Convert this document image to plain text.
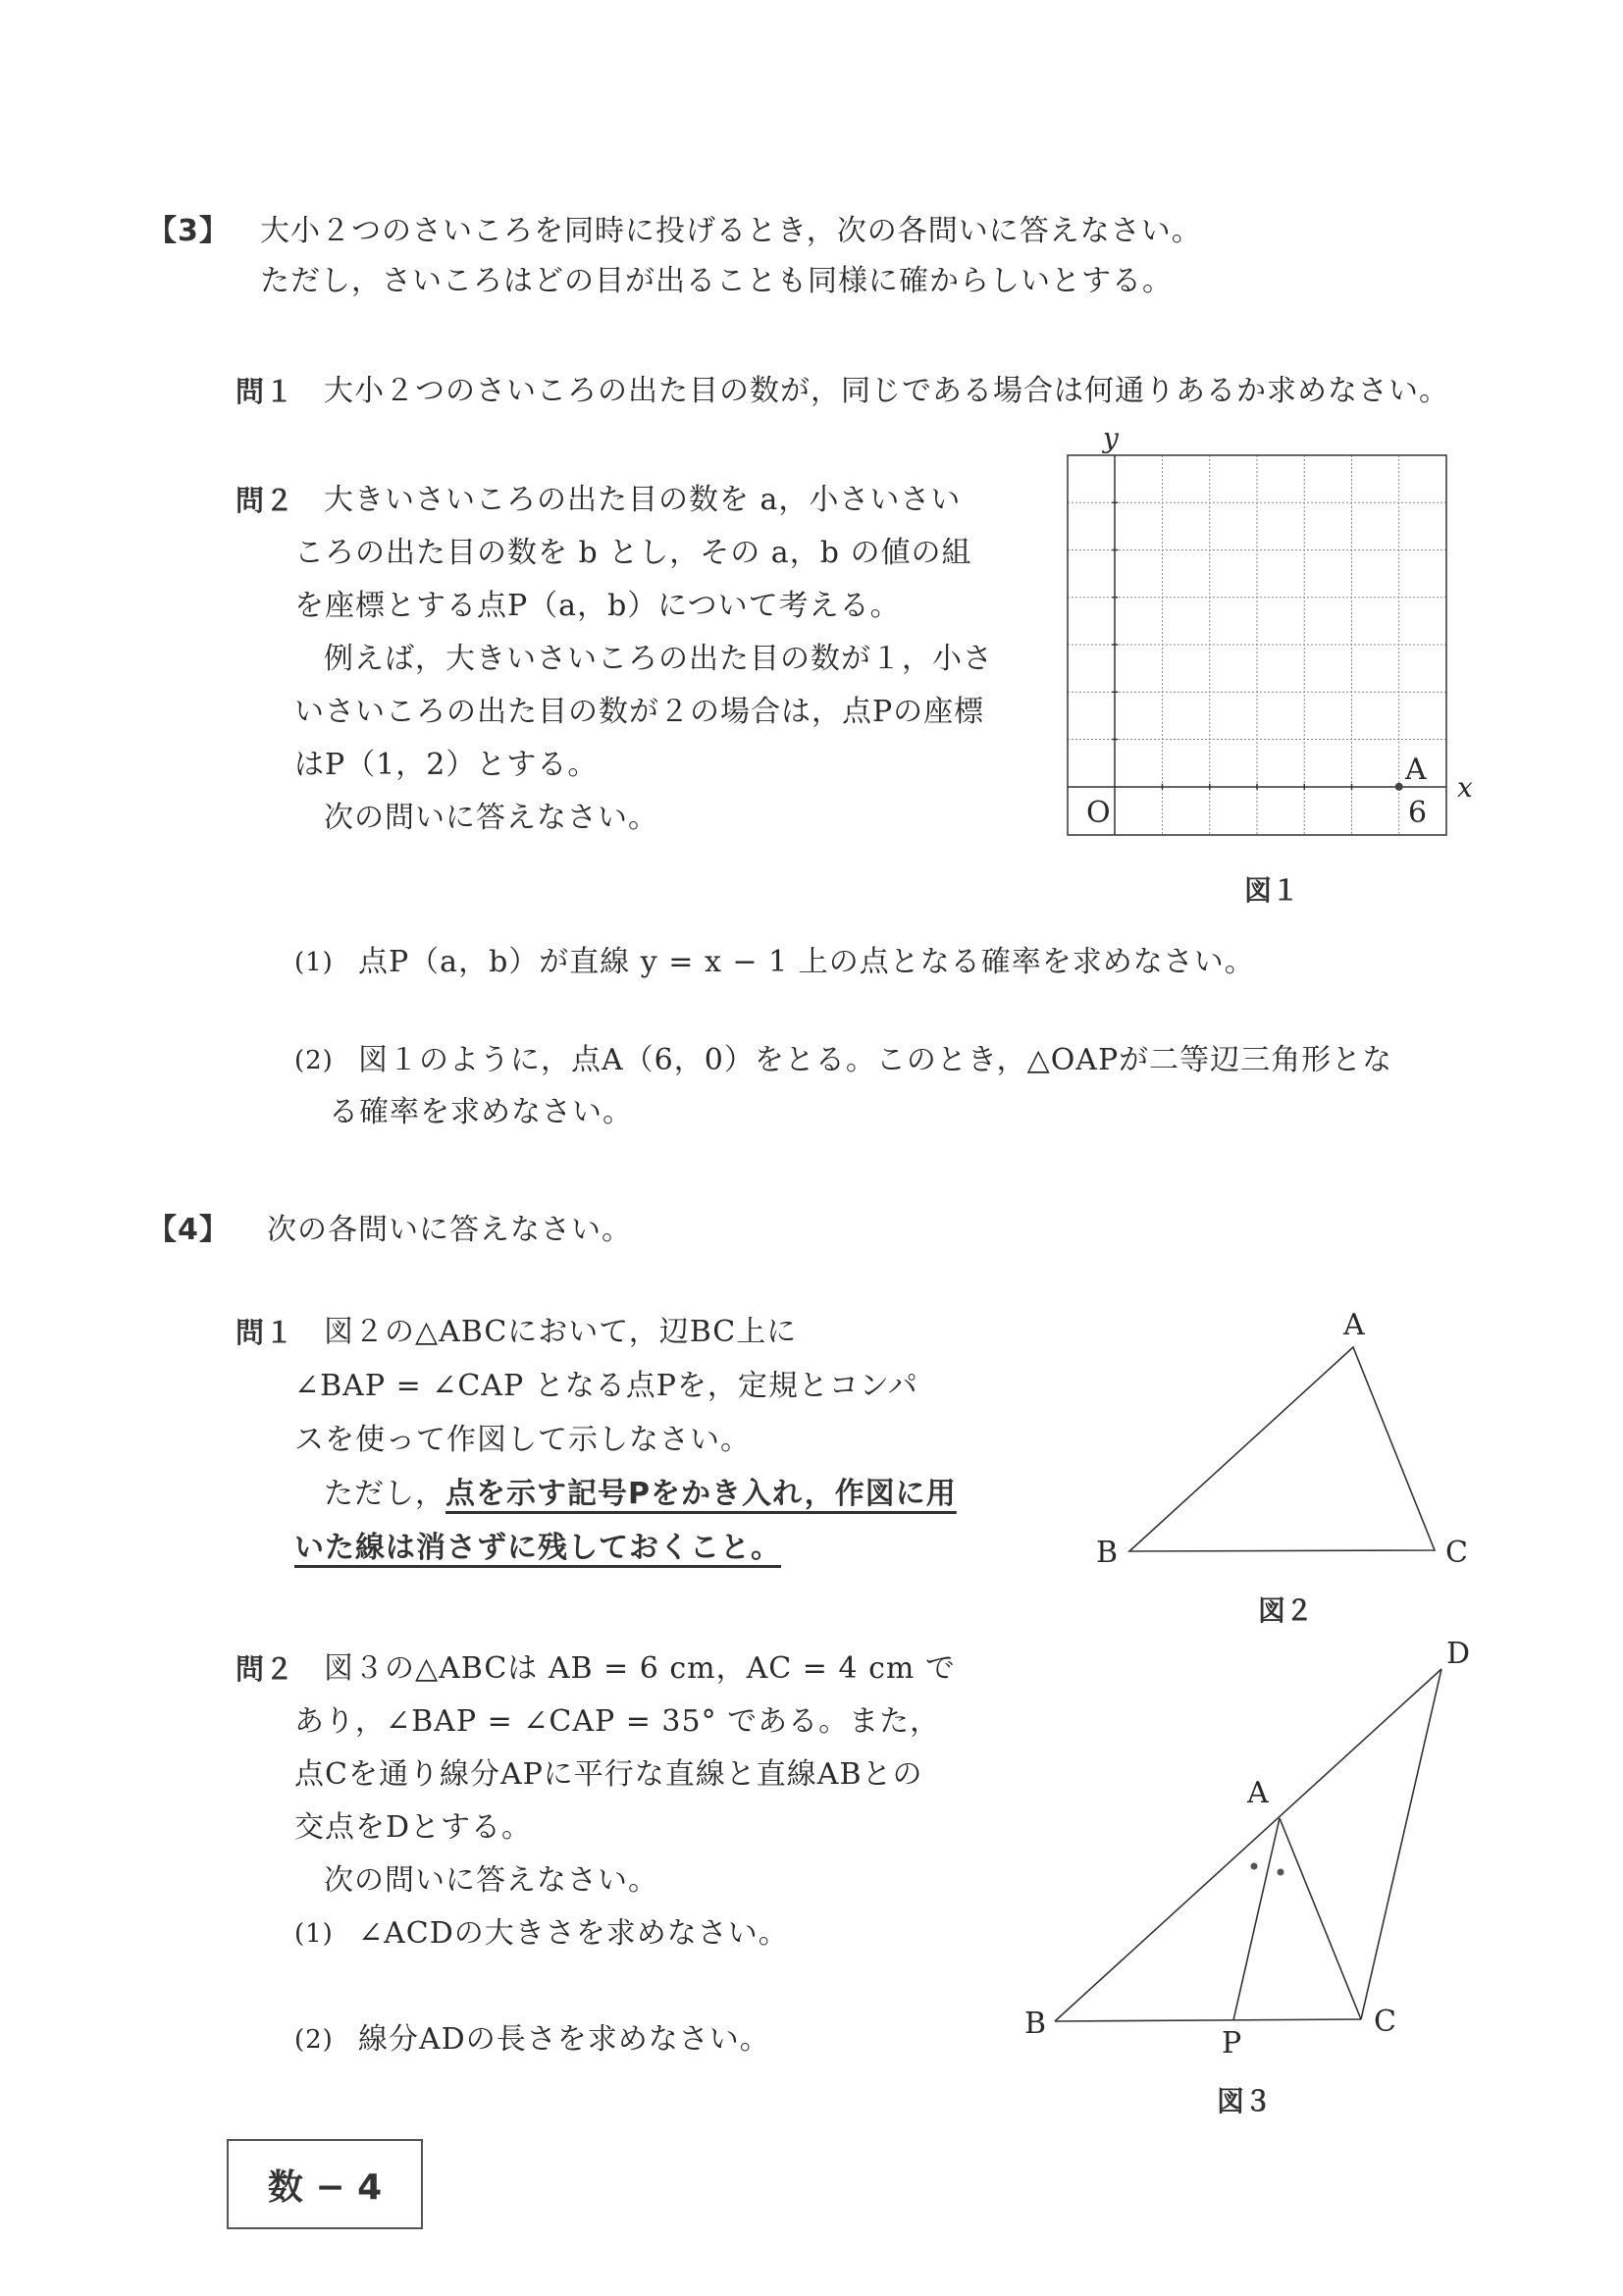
【3】 大小２つのさいころを同時に投げるとき，次の各問いに答えなさい。
ただし，さいころはどの目が出ることも同様に確からしいとする。
問１ 大小２つのさいころの出た目の数が，同じである場合は何通りあるか求めなさい。
問２ 大きいさいころの出た目の数を a，小さいさい
ころの出た目の数を b とし，その a，b の値の組
を座標とする点P（a，b）について考える。
例えば，大きいさいころの出た目の数が１，小さ
いさいころの出た目の数が２の場合は，点Pの座標
はP（1，2）とする。
次の問いに答えなさい。
y
x
O
A
6
図１
(1) 点P（a，b）が直線 y = x − 1 上の点となる確率を求めなさい。
(2) 図１のように，点A（6，0）をとる。このとき，△OAPが二等辺三角形とな
る確率を求めなさい。
【4】 次の各問いに答えなさい。
問１ 図２の△ABCにおいて，辺BC上に
∠BAP = ∠CAP となる点Pを，定規とコンパ
スを使って作図して示しなさい。
ただし，点を示す記号Pをかき入れ，作図に用
いた線は消さずに残しておくこと。
A
B	C
図２
問２ 図３の△ABCは AB = 6 cm，AC = 4 cm で
あり，∠BAP = ∠CAP = 35° である。また，
点Cを通り線分APに平行な直線と直線ABとの
交点をDとする。
次の問いに答えなさい。
(1) ∠ACDの大きさを求めなさい。
(2) 線分ADの長さを求めなさい。
A
B	C
D
P
図３
数 − 4
